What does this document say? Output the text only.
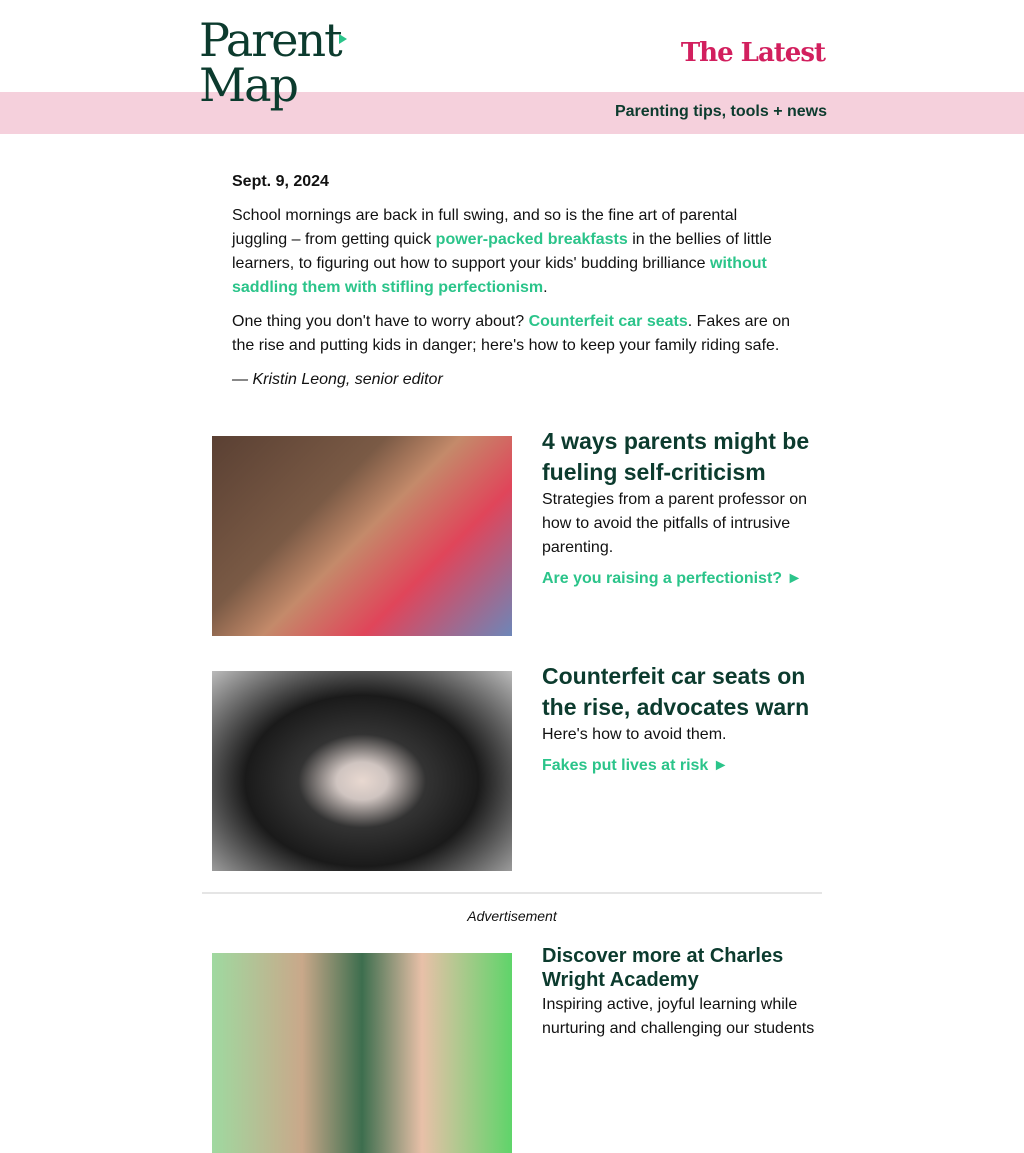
Parent
Map
The Latest
Parenting tips, tools + news
Sept. 9, 2024

School mornings are back in full swing, and so is the fine art of parental juggling – from getting quick power-packed breakfasts in the bellies of little learners, to figuring out how to support your kids' budding brilliance without saddling them with stifling perfectionism.

One thing you don't have to worry about? Counterfeit car seats. Fakes are on the rise and putting kids in danger; here's how to keep your family riding safe.

— Kristin Leong, senior editor

4 ways parents might be fueling self-criticism

Strategies from a parent professor on how to avoid the pitfalls of intrusive parenting.

Are you raising a perfectionist? ►
Counterfeit car seats on the rise, advocates warn

Here's how to avoid them.

Fakes put lives at risk ►
Advertisement
Discover more at Charles Wright Academy

Inspiring active, joyful learning while nurturing and challenging our students
